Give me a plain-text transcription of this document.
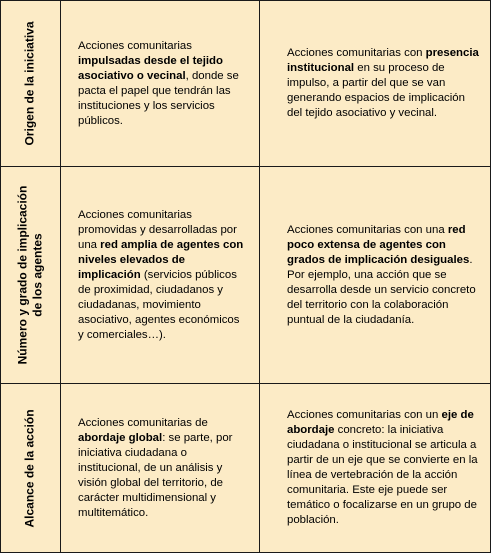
Origen de la iniciativa	Acciones comunitarias impulsadas desde el tejido asociativo o vecinal, donde se pacta el papel que tendrán las instituciones y los servicios públicos.

Acciones comunitarias con presencia institucional en su proceso de impulso, a partir del que se van generando espacios de implicación del tejido asociativo y vecinal.

Número y grado de implicación
de los agentes

Acciones comunitarias promovidas y desarrolladas por una red amplia de agentes con niveles elevados de implicación (servicios públicos de proximidad, ciudadanos y ciudadanas, movimiento asociativo, agentes económicos y comerciales…).

Acciones comunitarias con una red poco extensa de agentes con grados de implicación desiguales.
Por ejemplo, una acción que se desarrolla desde un servicio concreto del territorio con la colaboración puntual de la ciudadanía.

Alcance de la acción	Acciones comunitarias de abordaje global: se parte, por iniciativa ciudadana o institucional, de un análisis y visión global del territorio, de carácter multidimensional y multitemático.

Acciones comunitarias con un eje de abordaje concreto: la iniciativa ciudadana o institucional se articula a partir de un eje que se convierte en la línea de vertebración de la acción comunitaria. Este eje puede ser temático o focalizarse en un grupo de población.
